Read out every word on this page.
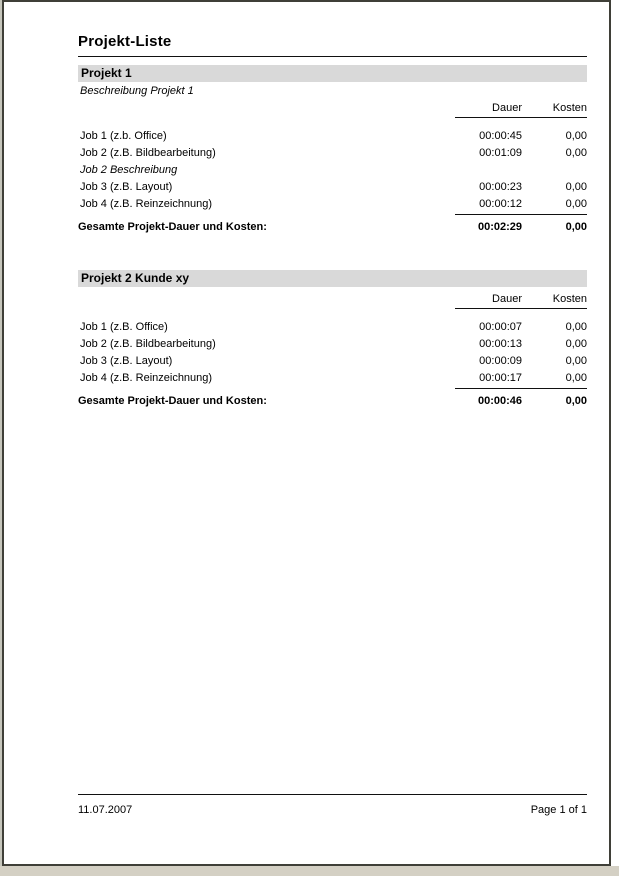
Projekt-Liste
Projekt 1
Beschreibung Projekt 1
Dauer	Kosten
Job 1 (z.b. Office)	00:00:45	0,00
Job 2 (z.B. Bildbearbeitung)	00:01:09	0,00
Job 2 Beschreibung
Job 3 (z.B. Layout)	00:00:23	0,00
Job 4 (z.B. Reinzeichnung)	00:00:12	0,00
Gesamte Projekt-Dauer und Kosten:	00:02:29	0,00
Projekt 2 Kunde xy
Dauer	Kosten
Job 1 (z.B. Office)	00:00:07	0,00
Job 2 (z.B. Bildbearbeitung)	00:00:13	0,00
Job 3 (z.B. Layout)	00:00:09	0,00
Job 4 (z.B. Reinzeichnung)	00:00:17	0,00
Gesamte Projekt-Dauer und Kosten:	00:00:46	0,00
11.07.2007	Page 1 of 1
